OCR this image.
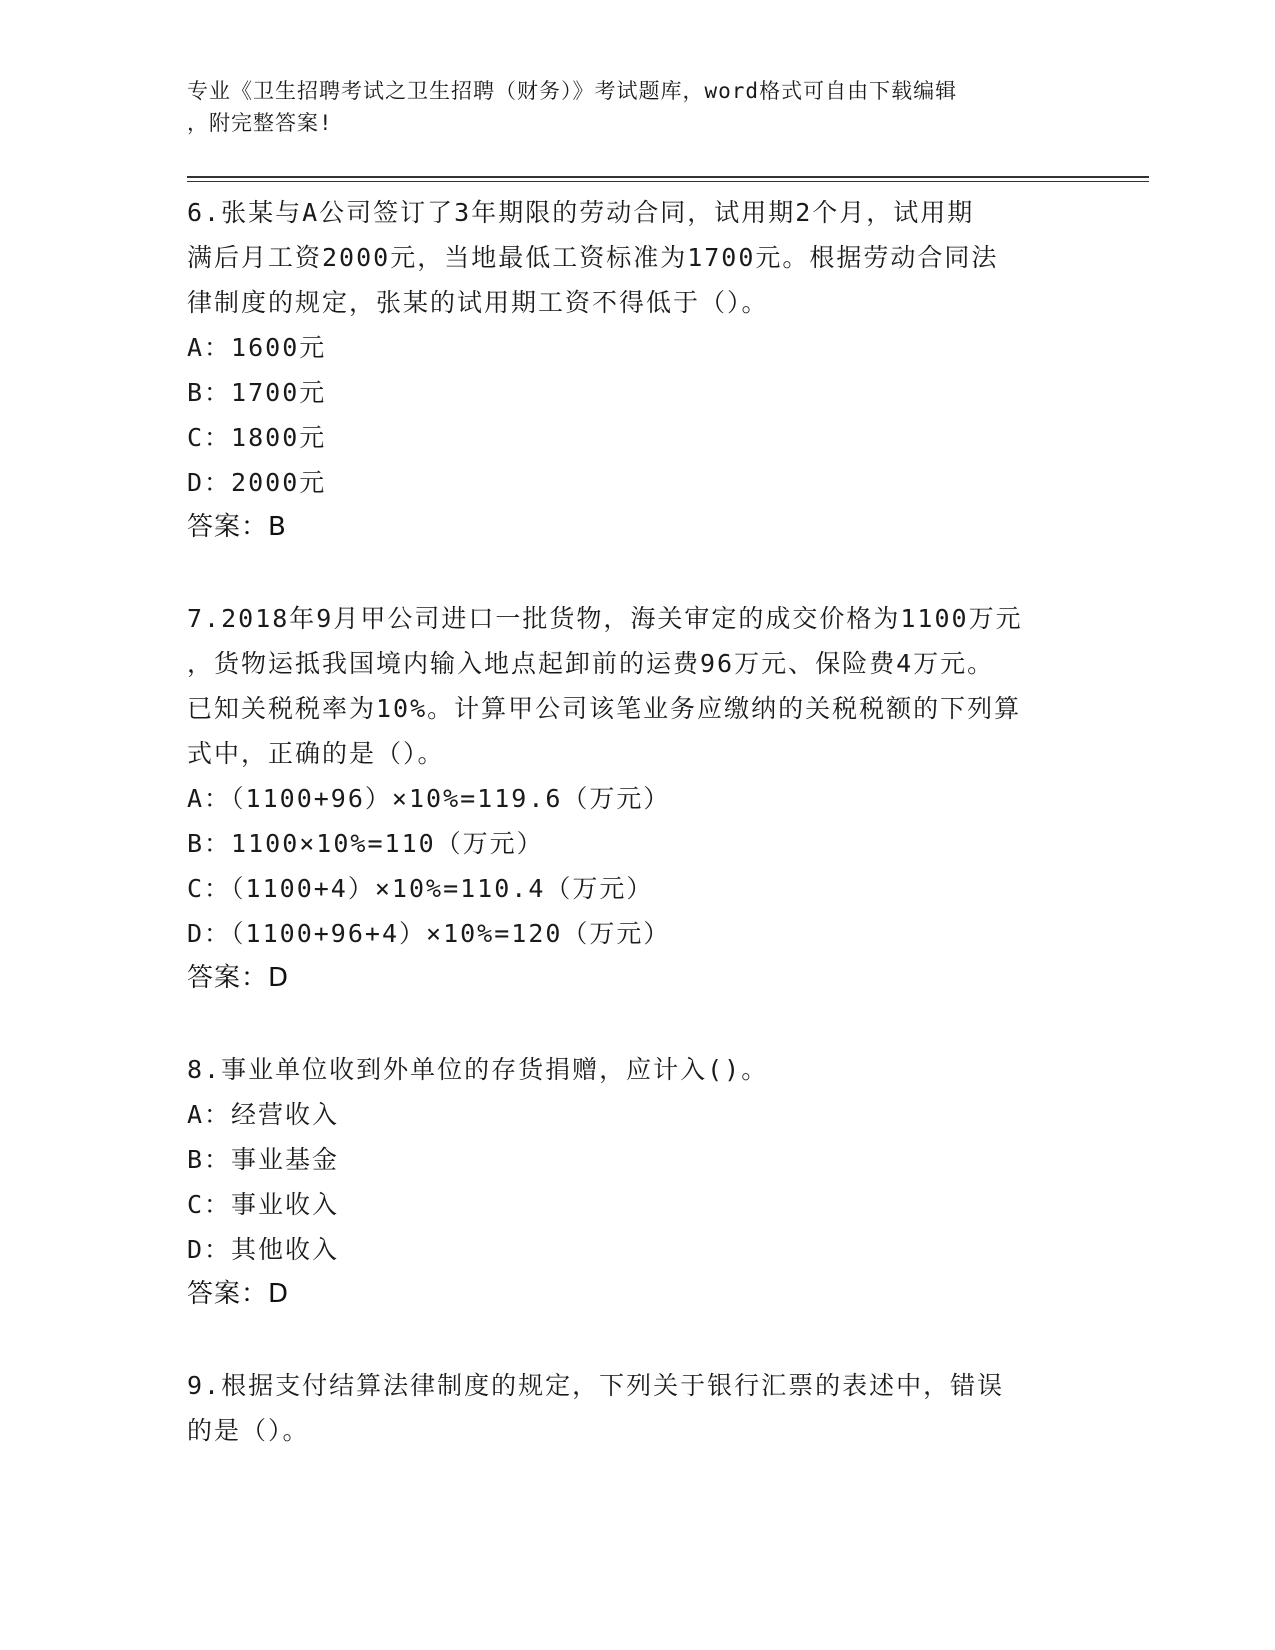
专业《卫生招聘考试之卫生招聘（财务）》考试题库，word格式可自由下载编辑
，附完整答案!
6.张某与A公司签订了3年期限的劳动合同，试用期2个月，试用期
满后月工资2000元，当地最低工资标准为1700元。根据劳动合同法
律制度的规定，张某的试用期工资不得低于（）。
A：1600元
B：1700元
C：1800元
D：2000元
答案：B
7.2018年9月甲公司进口一批货物，海关审定的成交价格为1100万元
，货物运抵我国境内输入地点起卸前的运费96万元、保险费4万元。
已知关税税率为10%。计算甲公司该笔业务应缴纳的关税税额的下列算
式中，正确的是（）。
A：（1100+96）×10%=119.6（万元）
B：1100×10%=110（万元）
C：（1100+4）×10%=110.4（万元）
D：（1100+96+4）×10%=120（万元）
答案：D
8.事业单位收到外单位的存货捐赠，应计入()。
A：经营收入
B：事业基金
C：事业收入
D：其他收入
答案：D
9.根据支付结算法律制度的规定，下列关于银行汇票的表述中，错误
的是（）。
